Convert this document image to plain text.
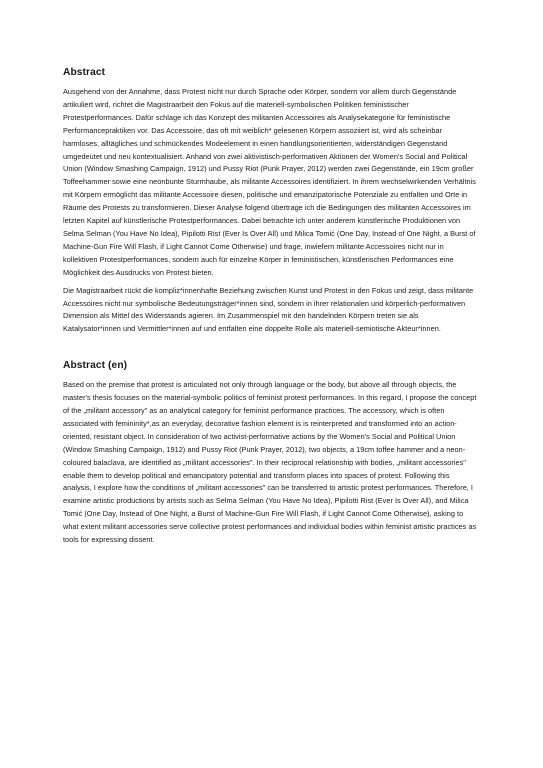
Abstract

Ausgehend von der Annahme, dass Protest nicht nur durch Sprache oder Körper, sondern vor allem durch Gegenstände artikuliert wird, richtet die Magistraarbeit den Fokus auf die materiell-symbolischen Politiken feministischer Protestperformances. Dafür schlage ich das Konzept des militanten Accessoires als Analysekategorie für feministische Performancepraktiken vor. Das Accessoire, das oft mit weiblich* gelesenen Körpern assoziiert ist, wird als scheinbar harmloses, alltägliches und schmückendes Modeelement in einen handlungsorientierten, widerständigen Gegenstand umgedeutet und neu kontextualisiert. Anhand von zwei aktivistisch-performativen Aktionen der Women's Social and Political Union (Window Smashing Campaign, 1912) und Pussy Riot (Punk Prayer, 2012) werden zwei Gegenstände, ein 19cm großer Toffeehammer sowie eine neonbunte Sturmhaube, als militante Accessoires identifiziert. In ihrem wechselwirkenden Verhältnis mit Körpern ermöglicht das militante Accessoire diesen, politische und emanzipatorische Potenziale zu entfalten und Orte in Räume des Protests zu transformieren. Dieser Analyse folgend übertrage ich die Bedingungen des militanten Accessoires im letzten Kapitel auf künstlerische Protestperformances. Dabei betrachte ich unter anderem künstlerische Produktionen von Selma Selman (You Have No Idea), Pipilotti Rist (Ever Is Over All) und Milica Tomić (One Day, Instead of One Night, a Burst of Machine-Gun Fire Will Flash, if Light Cannot Come Otherwise) und frage, inwiefern militante Accessoires nicht nur in kollektiven Protestperformances, sondern auch für einzelne Körper in feministischen, künstlerischen Performances eine Möglichkeit des Ausdrucks von Protest bieten.

Die Magistraarbeit rückt die kompliz*innenhafte Beziehung zwischen Kunst und Protest in den Fokus und zeigt, dass militante Accessoires nicht nur symbolische Bedeutungsträger*innen sind, sondern in ihrer relationalen und körperlich-performativen Dimension als Mittel des Widerstands agieren. Im Zusammenspiel mit den handelnden Körpern treten sie als Katalysator*innen und Vermittler*innen auf und entfalten eine doppelte Rolle als materiell-semiotische Akteur*innen.

Abstract (en)

Based on the premise that protest is articulated not only through language or the body, but above all through objects, the master's thesis focuses on the material-symbolic politics of feminist protest performances. In this regard, I propose the concept of the „militant accessory" as an analytical category for feminist performance practices. The accessory, which is often associated with femininity*,as an everyday, decorative fashion element is is reinterpreted and transformed into an action-oriented, resistant object. In consideration of two activist-performative actions by the Women's Social and Political Union (Window Smashing Campaign, 1912) and Pussy Riot (Punk Prayer, 2012), two objects, a 19cm toffee hammer and a neon-coloured balaclava, are identified as „militant accessories". In their reciprocal relationship with bodies, „militant accessories" enable them to develop political and emancipatory potential and transform places into spaces of protest. Following this analysis, I explore how the conditions of „militant accessories" can be transferred to artistic protest performances. Therefore, I examine artistic productions by artists such as Selma Selman (You Have No Idea), Pipilotti Rist (Ever Is Over All), and Milica Tomić (One Day, Instead of One Night, a Burst of Machine-Gun Fire Will Flash, if Light Cannot Come Otherwise), asking to what extent militant accessories serve collective protest performances and individual bodies within feminist artistic practices as tools for expressing dissent.
